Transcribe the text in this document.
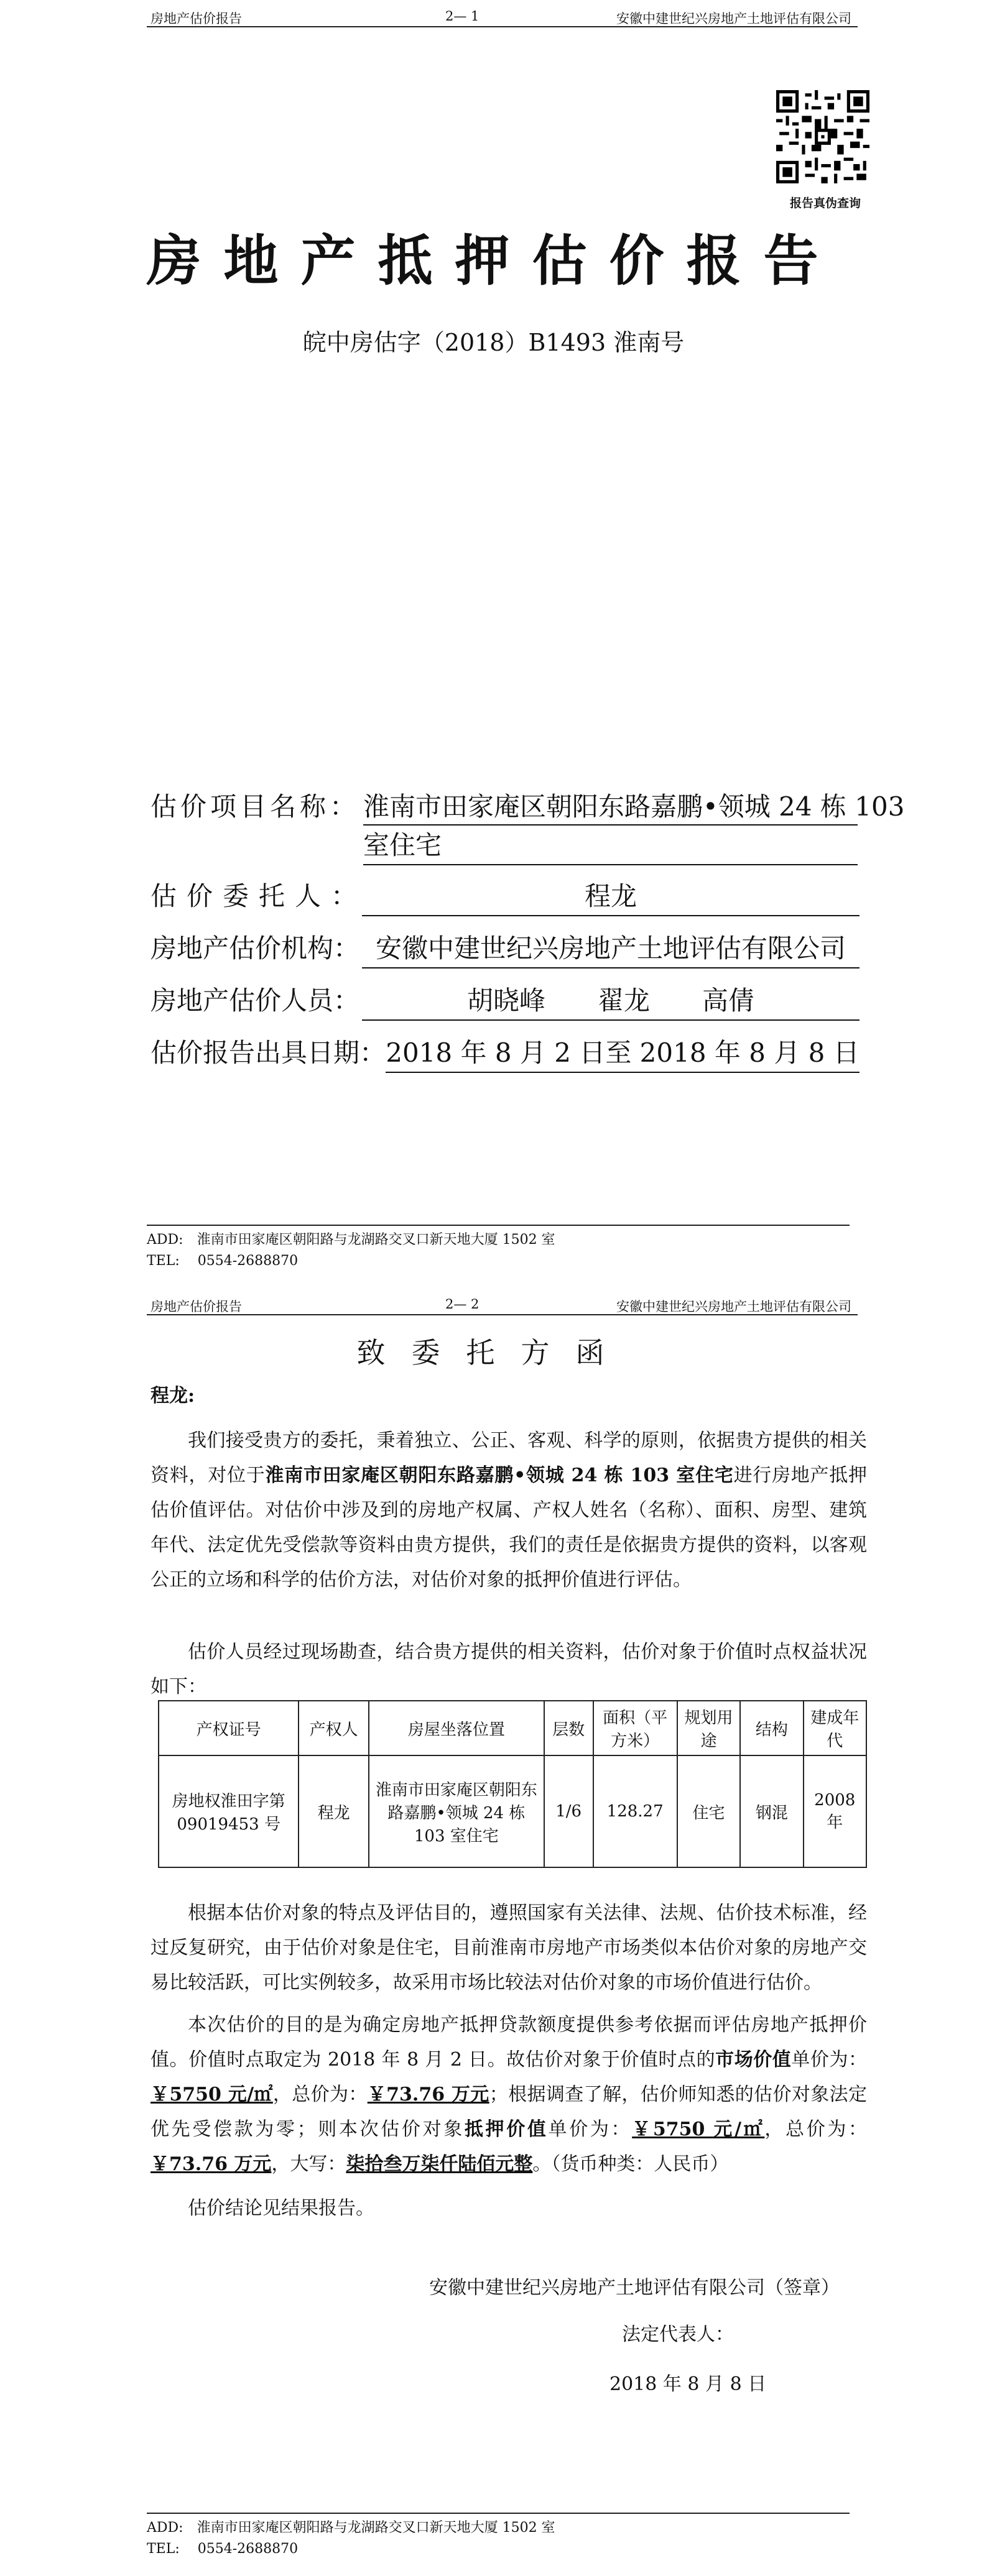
房地产估价报告	2— 1	安徽中建世纪兴房地产土地评估有限公司
报告真伪查询
房地产抵押估价报告
皖中房估字（2018）B1493 淮南号
估价项目名称： 淮南市田家庵区朝阳东路嘉鹏•领城 24 栋 103
室住宅
估价委托人：	程龙
房地产估价机构： 安徽中建世纪兴房地产土地评估有限公司
房地产估价人员：	胡晓峰　　翟龙　　高倩
估价报告出具日期： 2018 年 8 月 2 日至 2018 年 8 月 8 日
ADD:　淮南市田家庵区朝阳路与龙湖路交叉口新天地大厦 1502 室
TEL:　 0554-2688870
房地产估价报告	2— 2	安徽中建世纪兴房地产土地评估有限公司
致委托方函
程龙:
我们接受贵方的委托，秉着独立、公正、客观、科学的原则，依据贵方提供的相关资料，对位于淮南市田家庵区朝阳东路嘉鹏•领城 24 栋 103 室住宅进行房地产抵押估价值评估。对估价中涉及到的房地产权属、产权人姓名（名称）、面积、房型、建筑年代、法定优先受偿款等资料由贵方提供，我们的责任是依据贵方提供的资料，以客观公正的立场和科学的估价方法，对估价对象的抵押价值进行评估。
估价人员经过现场勘查，结合贵方提供的相关资料，估价对象于价值时点权益状况如下：
产权证号	产权人	房屋坐落位置	层数	面积（平方米）	规划用途	结构	建成年代
房地权淮田字第 09019453 号	程龙	淮南市田家庵区朝阳东路嘉鹏•领城 24 栋 103 室住宅	1/6	128.27	住宅	钢混	2008 年
根据本估价对象的特点及评估目的，遵照国家有关法律、法规、估价技术标准，经过反复研究，由于估价对象是住宅，目前淮南市房地产市场类似本估价对象的房地产交易比较活跃，可比实例较多，故采用市场比较法对估价对象的市场价值进行估价。
本次估价的目的是为确定房地产抵押贷款额度提供参考依据而评估房地产抵押价值。价值时点取定为 2018 年 8 月 2 日。故估价对象于价值时点的市场价值单价为：￥5750 元/㎡，总价为：￥73.76 万元；根据调查了解，估价师知悉的估价对象法定优先受偿款为零；则本次估价对象抵押价值单价为：￥5750 元/㎡，总价为：￥73.76 万元，大写：柒拾叁万柒仟陆佰元整。（货币种类：人民币）
估价结论见结果报告。
安徽中建世纪兴房地产土地评估有限公司（签章）
法定代表人：
2018 年 8 月 8 日
ADD:　淮南市田家庵区朝阳路与龙湖路交叉口新天地大厦 1502 室
TEL:　 0554-2688870
